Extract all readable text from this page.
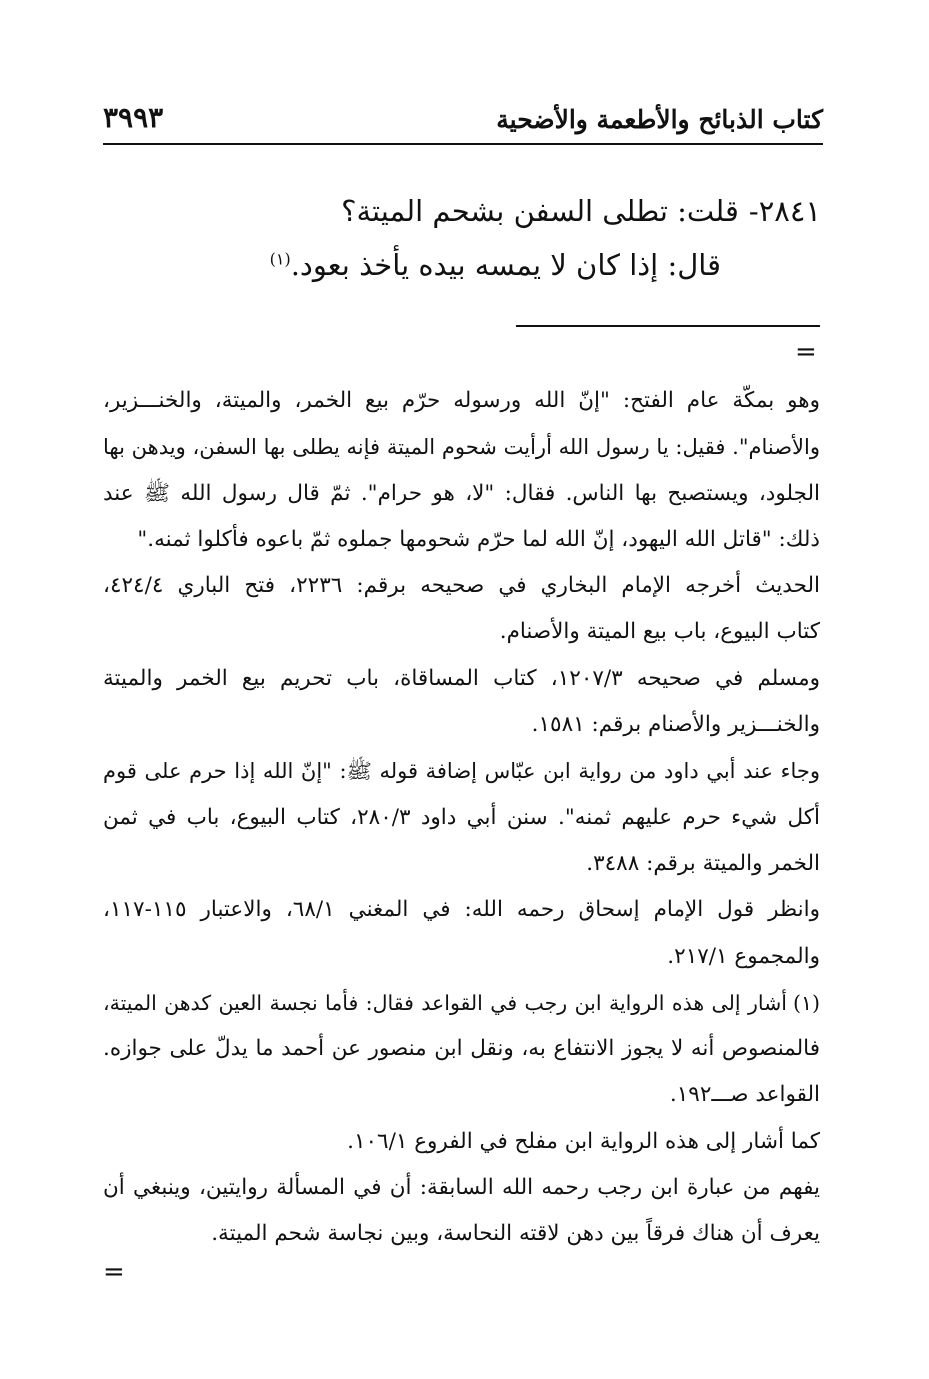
كتاب الذبائح والأطعمة والأضحية
٣٩٩٣
٢٨٤١-قلت: تطلى السفن بشحم الميتة؟
قال: إذا كان لا يمسه بيده يأخذ بعود.$^{(١)}$
=
وهو بمكّة عام الفتح: "إنّ الله ورسوله حرّم بيع الخمر، والميتة، والخنـــزير،
والأصنام". فقيل: يا رسول الله أرأيت شحوم الميتة فإنه يطلى بها السفن، ويدهن بها
الجلود، ويستصبح بها الناس. فقال: "لا، هو حرام". ثمّ قال رسول الله ﷺ عند
ذلك: "قاتل الله اليهود، إنّ الله لما حرّم شحومها جملوه ثمّ باعوه فأكلوا ثمنه."
الحديث أخرجه الإمام البخاري في صحيحه برقم: ٢٢٣٦، فتح الباري ٤٢٤/٤،
كتاب البيوع، باب بيع الميتة والأصنام.
ومسلم في صحيحه ١٢٠٧/٣، كتاب المساقاة، باب تحريم بيع الخمر والميتة
والخنـــزير والأصنام برقم: ١٥٨١.
وجاء عند أبي داود من رواية ابن عبّاس إضافة قوله ﷺ: "إنّ الله إذا حرم على قوم
أكل شيء حرم عليهم ثمنه". سنن أبي داود ٢٨٠/٣، كتاب البيوع، باب في ثمن
الخمر والميتة برقم: ٣٤٨٨.
وانظر قول الإمام إسحاق رحمه الله: في المغني ٦٨/١، والاعتبار ١١٥-١١٧،
والمجموع ٢١٧/١.
(١)أشار إلى هذه الرواية ابن رجب في القواعد فقال: فأما نجسة العين كدهن الميتة،
فالمنصوص أنه لا يجوز الانتفاع به، ونقل ابن منصور عن أحمد ما يدلّ على جوازه.
القواعد صـــ١٩٢.
كما أشار إلى هذه الرواية ابن مفلح في الفروع ١٠٦/١.
يفهم من عبارة ابن رجب رحمه الله السابقة: أن في المسألة روايتين، وينبغي أن
يعرف أن هناك فرقاً بين دهن لاقته النحاسة، وبين نجاسة شحم الميتة.
=
